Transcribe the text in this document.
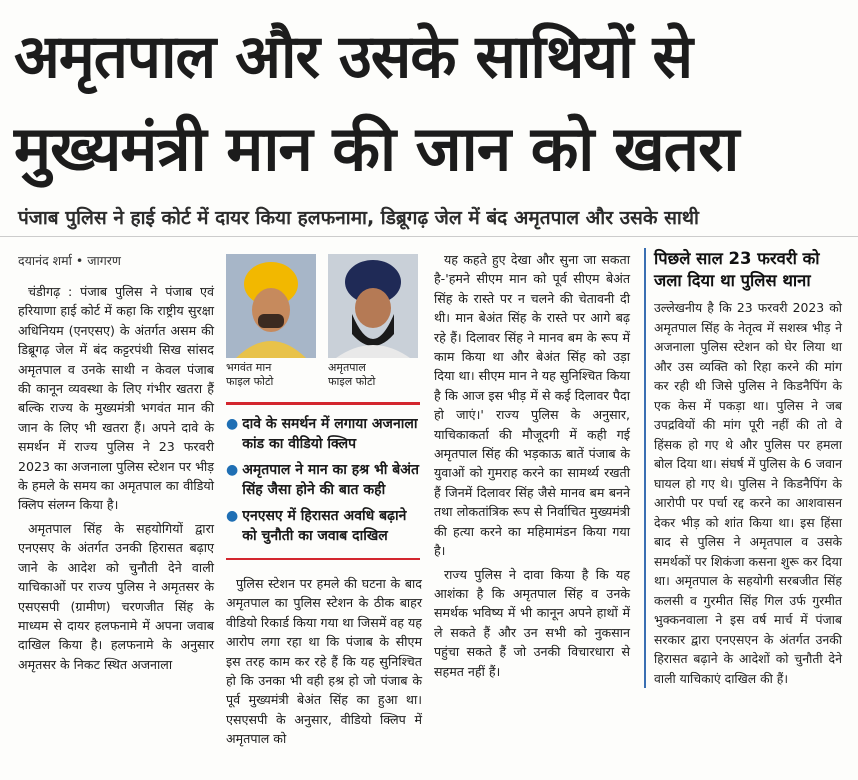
अमृतपाल और उसके साथियों से
मुख्यमंत्री मान की जान को खतरा
पंजाब पुलिस ने हाई कोर्ट में दायर किया हलफनामा, डिब्रूगढ़ जेल में बंद अमृतपाल और उसके साथी
दयानंद शर्मा • जागरण

चंडीगढ़ : पंजाब पुलिस ने पंजाब एवं हरियाणा हाई कोर्ट में कहा कि राष्ट्रीय सुरक्षा अधिनियम (एनएसए) के अंतर्गत असम की डिब्रूगढ़ जेल में बंद कट्टरपंथी सिख सांसद अमृतपाल व उनके साथी न केवल पंजाब की कानून व्यवस्था के लिए गंभीर खतरा हैं बल्कि राज्य के मुख्यमंत्री भगवंत मान की जान के लिए भी खतरा हैं। अपने दावे के समर्थन में राज्य पुलिस ने 23 फरवरी 2023 का अजनाला पुलिस स्टेशन पर भीड़ के हमले के समय का अमृतपाल का वीडियो क्लिप संलग्न किया है।

अमृतपाल सिंह के सहयोगियों द्वारा एनएसए के अंतर्गत उनकी हिरासत बढ़ाए जाने के आदेश को चुनौती देने वाली याचिकाओं पर राज्य पुलिस ने अमृतसर के एसएसपी (ग्रामीण) चरणजीत सिंह के माध्यम से दायर हलफनामे में अपना जवाब दाखिल किया है। हलफनामे के अनुसार अमृतसर के निकट स्थित अजनाला

भगवंत मान
फाइल फोटो
अमृतपाल
फाइल फोटो
● दावे के समर्थन में लगाया अजनाला कांड का वीडियो क्लिप
● अमृतपाल ने मान का हश्र भी बेअंत सिंह जैसा होने की बात कही
● एनएसए में हिरासत अवधि बढ़ाने को चुनौती का जवाब दाखिल

पुलिस स्टेशन पर हमले की घटना के बाद अमृतपाल का पुलिस स्टेशन के ठीक बाहर वीडियो रिकार्ड किया गया था जिसमें वह यह आरोप लगा रहा था कि पंजाब के सीएम इस तरह काम कर रहे हैं कि यह सुनिश्चित हो कि उनका भी वही हश्र हो जो पंजाब के पूर्व मुख्यमंत्री बेअंत सिंह का हुआ था। एसएसपी के अनुसार, वीडियो क्लिप में अमृतपाल को

यह कहते हुए देखा और सुना जा सकता है-'हमने सीएम मान को पूर्व सीएम बेअंत सिंह के रास्ते पर न चलने की चेतावनी दी थी। मान बेअंत सिंह के रास्ते पर आगे बढ़ रहे हैं। दिलावर सिंह ने मानव बम के रूप में काम किया था और बेअंत सिंह को उड़ा दिया था। सीएम मान ने यह सुनिश्चित किया है कि आज इस भीड़ में से कई दिलावर पैदा हो जाएं।' राज्य पुलिस के अनुसार, याचिकाकर्ता की मौजूदगी में कही गई अमृतपाल सिंह की भड़काऊ बातें पंजाब के युवाओं को गुमराह करने का सामर्थ्य रखती हैं जिनमें दिलावर सिंह जैसे मानव बम बनने तथा लोकतांत्रिक रूप से निर्वाचित मुख्यमंत्री की हत्या करने का महिमामंडन किया गया है।

राज्य पुलिस ने दावा किया है कि यह आशंका है कि अमृतपाल सिंह व उनके समर्थक भविष्य में भी कानून अपने हाथों में ले सकते हैं और उन सभी को नुकसान पहुंचा सकते हैं जो उनकी विचारधारा से सहमत नहीं हैं।

पिछले साल 23 फरवरी को जला दिया था पुलिस थाना
उल्लेखनीय है कि 23 फरवरी 2023 को अमृतपाल सिंह के नेतृत्व में सशस्त्र भीड़ ने अजनाला पुलिस स्टेशन को घेर लिया था और उस व्यक्ति को रिहा करने की मांग कर रही थी जिसे पुलिस ने किडनैपिंग के एक केस में पकड़ा था। पुलिस ने जब उपद्रवियों की मांग पूरी नहीं की तो वे हिंसक हो गए थे और पुलिस पर हमला बोल दिया था। संघर्ष में पुलिस के 6 जवान घायल हो गए थे। पुलिस ने किडनैपिंग के आरोपी पर पर्चा रद्द करने का आशवासन देकर भीड़ को शांत किया था। इस हिंसा बाद से पुलिस ने अमृतपाल व उसके समर्थकों पर शिकंजा कसना शुरू कर दिया था। अमृतपाल के सहयोगी सरबजीत सिंह कलसी व गुरमीत सिंह गिल उर्फ गुरमीत भुक्कनवाला ने इस वर्ष मार्च में पंजाब सरकार द्वारा एनएसएन के अंतर्गत उनकी हिरासत बढ़ाने के आदेशों को चुनौती देने वाली याचिकाएं दाखिल की हैं।
